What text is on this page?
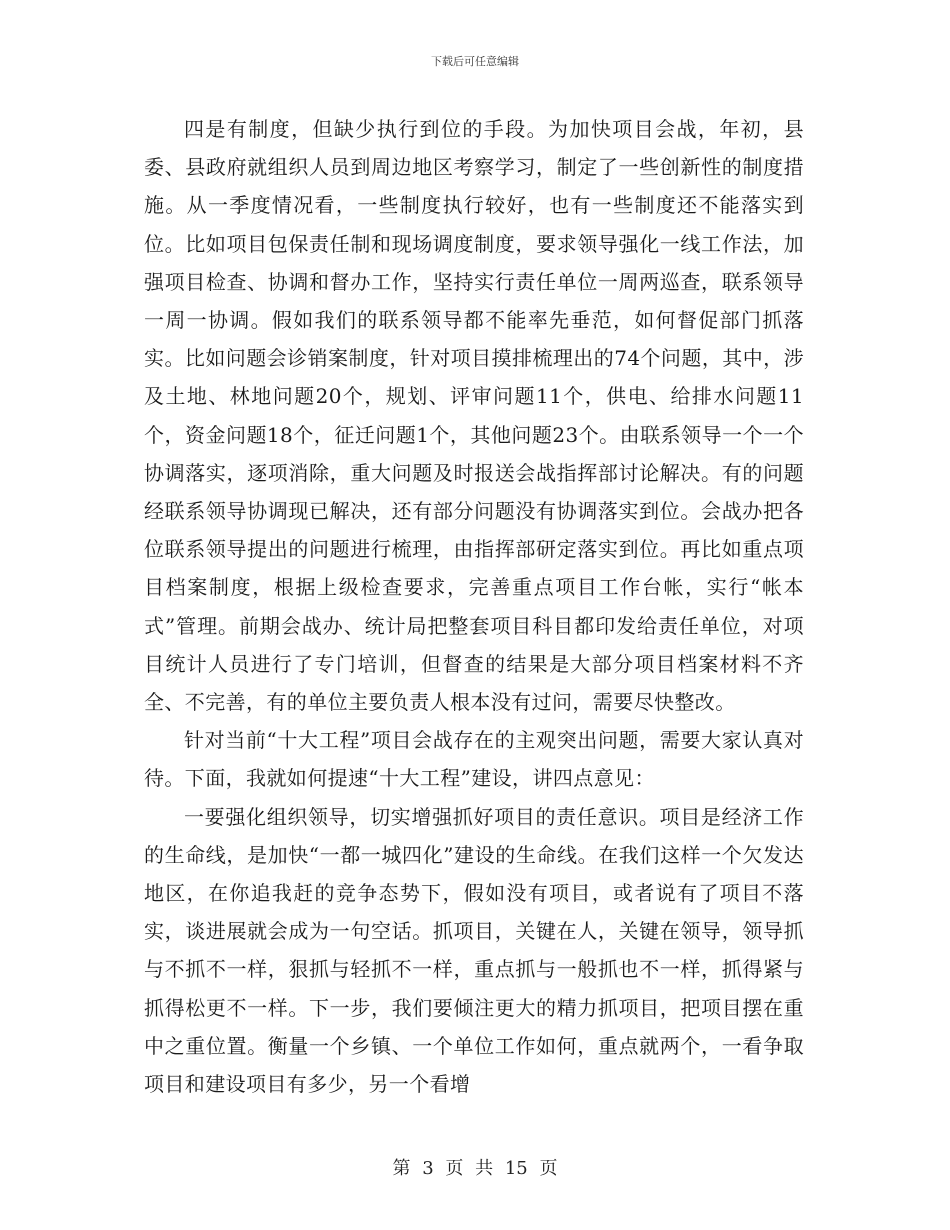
下载后可任意编辑

四是有制度，但缺少执行到位的手段。为加快项目会战，年初，县委、县政府就组织人员到周边地区考察学习，制定了一些创新性的制度措施。从一季度情况看，一些制度执行较好，也有一些制度还不能落实到位。比如项目包保责任制和现场调度制度，要求领导强化一线工作法，加强项目检查、协调和督办工作，坚持实行责任单位一周两巡查，联系领导一周一协调。假如我们的联系领导都不能率先垂范，如何督促部门抓落实。比如问题会诊销案制度，针对项目摸排梳理出的74个问题，其中，涉及土地、林地问题20个，规划、评审问题11个，供电、给排水问题11个，资金问题18个，征迁问题1个，其他问题23个。由联系领导一个一个协调落实，逐项消除，重大问题及时报送会战指挥部讨论解决。有的问题经联系领导协调现已解决，还有部分问题没有协调落实到位。会战办把各位联系领导提出的问题进行梳理，由指挥部研定落实到位。再比如重点项目档案制度，根据上级检查要求，完善重点项目工作台帐，实行“帐本式”管理。前期会战办、统计局把整套项目科目都印发给责任单位，对项目统计人员进行了专门培训，但督查的结果是大部分项目档案材料不齐全、不完善，有的单位主要负责人根本没有过问，需要尽快整改。

针对当前“十大工程”项目会战存在的主观突出问题，需要大家认真对待。下面，我就如何提速“十大工程”建设，讲四点意见：

一要强化组织领导，切实增强抓好项目的责任意识。项目是经济工作的生命线，是加快“一都一城四化”建设的生命线。在我们这样一个欠发达地区，在你追我赶的竞争态势下，假如没有项目，或者说有了项目不落实，谈进展就会成为一句空话。抓项目，关键在人，关键在领导，领导抓与不抓不一样，狠抓与轻抓不一样，重点抓与一般抓也不一样，抓得紧与抓得松更不一样。下一步，我们要倾注更大的精力抓项目，把项目摆在重中之重位置。衡量一个乡镇、一个单位工作如何，重点就两个，一看争取项目和建设项目有多少，另一个看增

第 3 页 共 15 页
